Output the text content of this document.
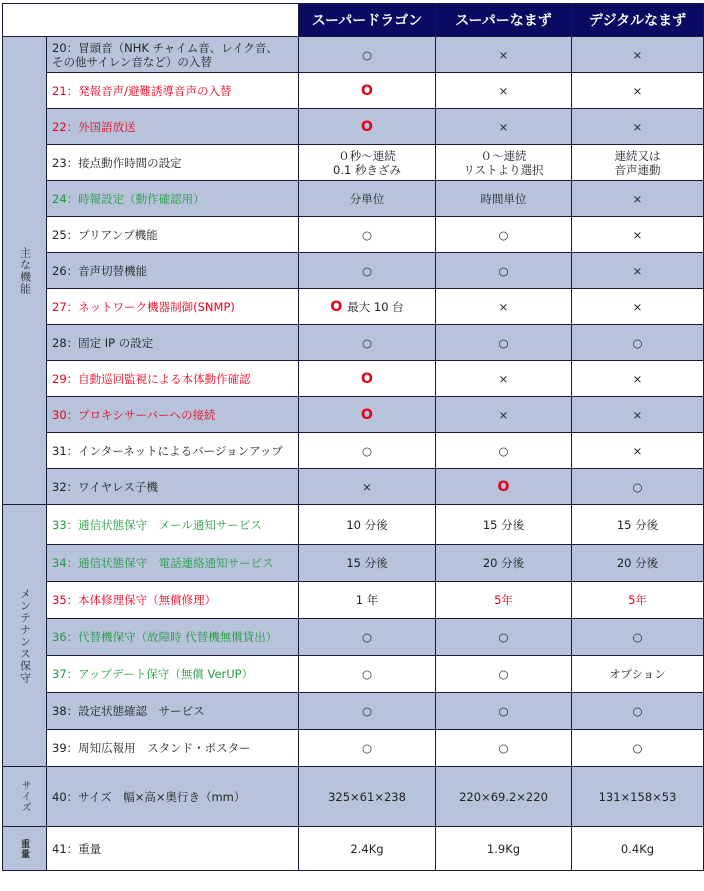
		スーパードラゴン	スーパーなまず	デジタルなまず

主な機能	20：冒頭音（NHK チャイム音、レイク音、
その他サイレン音など）の入替	○	×	×
	21：発報音声/避難誘導音声の入替	O	×	×
	22：外国語放送	O	×	×
	23：接点動作時間の設定	０秒～連続
0.1 秒きざみ	０～連続
リストより選択	連続又は
音声連動
	24：時報設定（動作確認用）	分単位	時間単位	×
	25：プリアンプ機能	○	○	×
	26：音声切替機能	○	○	×
	27：ネットワーク機器制御(SNMP)	O 最大 10 台	×	×
	28：固定 IP の設定	○	○	○
	29：自動巡回監視による本体動作確認	O	×	×
	30：プロキシサーバーへの接続	O	×	×
	31：インターネットによるバージョンアップ	○	○	×
	32：ワイヤレス子機	×	O	○

メンテナンス保守	33：通信状態保守　メール通知サービス	10 分後	15 分後	15 分後
	34：通信状態保守　電話連絡通知サービス	15 分後	20 分後	20 分後
	35：本体修理保守（無償修理）	1 年	5年	5年
	36：代替機保守（故障時 代替機無償貸出）	○	○	○
	37：アップデート保守（無償 VerUP）	○	○	オプション
	38：設定状態確認　サービス	○	○	○
	39：周知広報用　スタンド・ポスター	○	○	○

サイズ	40：サイズ　幅×高×奥行き（mm）	325×61×238	220×69.2×220	131×158×53

重量	41：重量	2.4Kg	1.9Kg	0.4Kg
